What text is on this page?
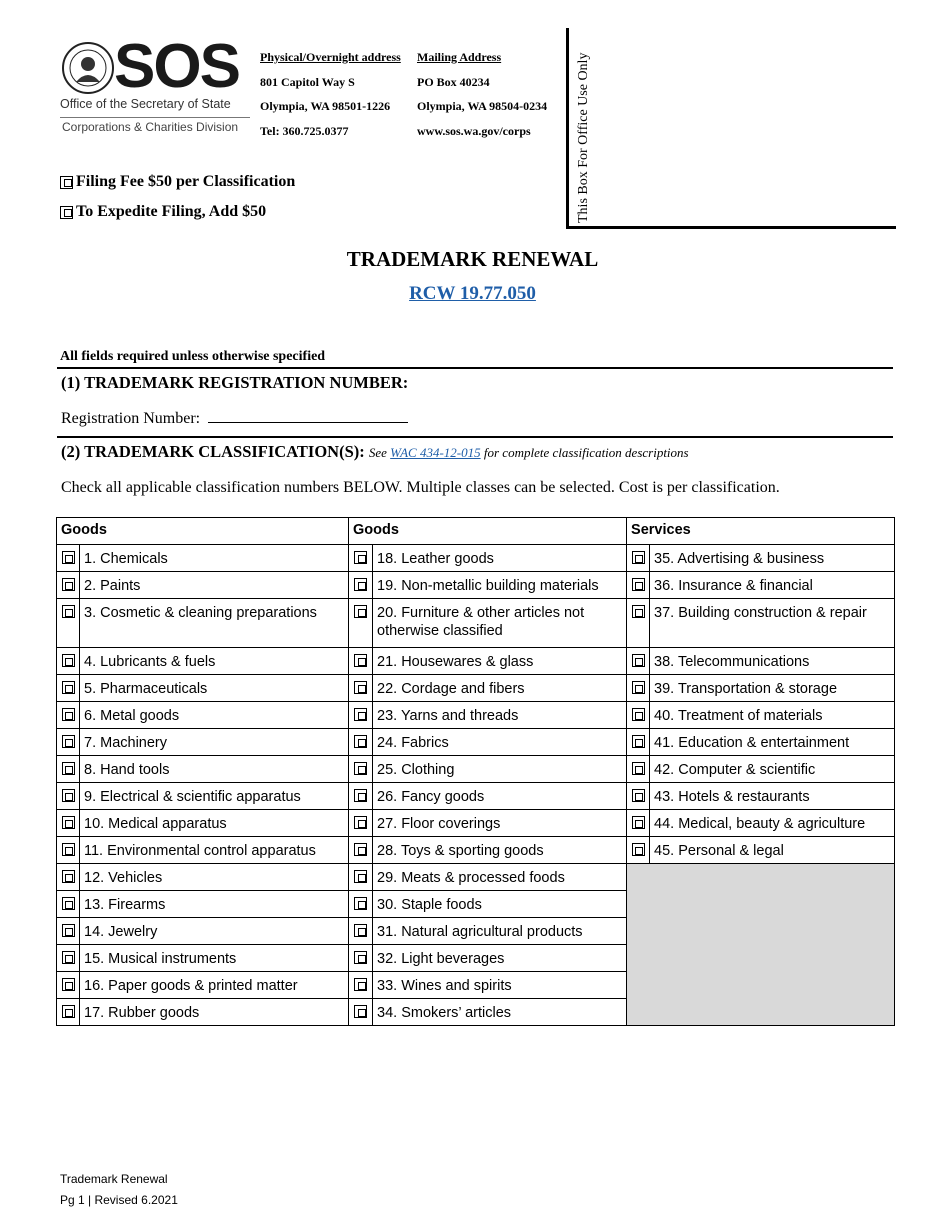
SOS
Office of the Secretary of State
Corporations & Charities Division
Physical/Overnight address
801 Capitol Way S
Olympia, WA 98501-1226
Tel: 360.725.0377
Mailing Address
PO Box 40234
Olympia, WA 98504-0234
www.sos.wa.gov/corps	This Box For Office Use Only
Filing Fee $50 per Classification
To Expedite Filing, Add $50
TRADEMARK RENEWAL
RCW 19.77.050
All fields required unless otherwise specified
(1) TRADEMARK REGISTRATION NUMBER:
Registration Number:
(2) TRADEMARK CLASSIFICATION(S): See WAC 434-12-015 for complete classification descriptions
Check all applicable classification numbers BELOW. Multiple classes can be selected. Cost is per classification.
Goods		Goods		Services	
	1. Chemicals		18. Leather goods		35. Advertising & business
	2. Paints		19. Non-metallic building materials		36. Insurance & financial
	3. Cosmetic & cleaning preparations		20. Furniture & other articles not otherwise classified		37. Building construction & repair
	4. Lubricants & fuels		21. Housewares & glass		38. Telecommunications
	5. Pharmaceuticals		22. Cordage and fibers		39. Transportation & storage
	6. Metal goods		23. Yarns and threads		40. Treatment of materials
	7. Machinery		24. Fabrics		41. Education & entertainment
	8. Hand tools		25. Clothing		42. Computer & scientific
	9. Electrical & scientific apparatus		26. Fancy goods		43. Hotels & restaurants
	10. Medical apparatus		27. Floor coverings		44. Medical, beauty & agriculture
	11. Environmental control apparatus		28. Toys & sporting goods		45. Personal & legal
	12. Vehicles		29. Meats & processed foods		
	13. Firearms		30. Staple foods		
	14. Jewelry		31. Natural agricultural products		
	15. Musical instruments		32. Light beverages		
	16. Paper goods & printed matter		33. Wines and spirits		
	17. Rubber goods		34. Smokers’ articles		
Trademark Renewal
Pg 1 | Revised 6.2021
